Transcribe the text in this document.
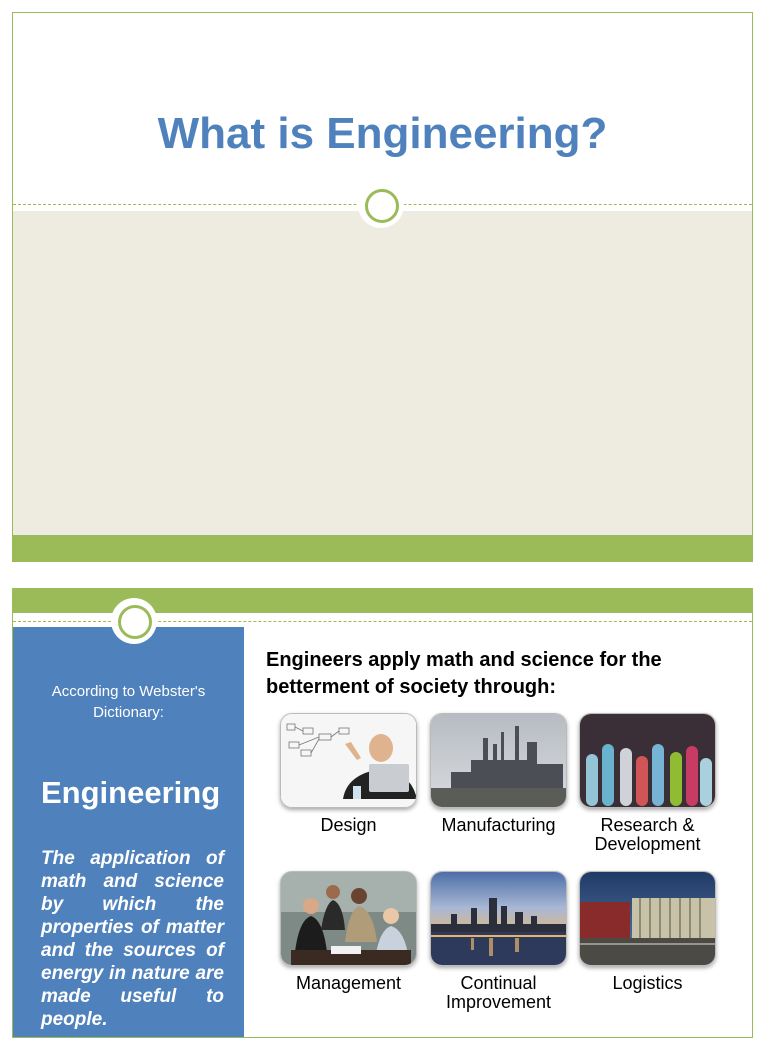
What is Engineering?
According to Webster's Dictionary:
Engineering
The application of math and science by which the properties of matter and the sources of energy in nature are made useful to people.
Engineers apply math and science for the betterment of society through:
Design	Manufacturing	Research & Development
Management	Continual Improvement
Logistics
